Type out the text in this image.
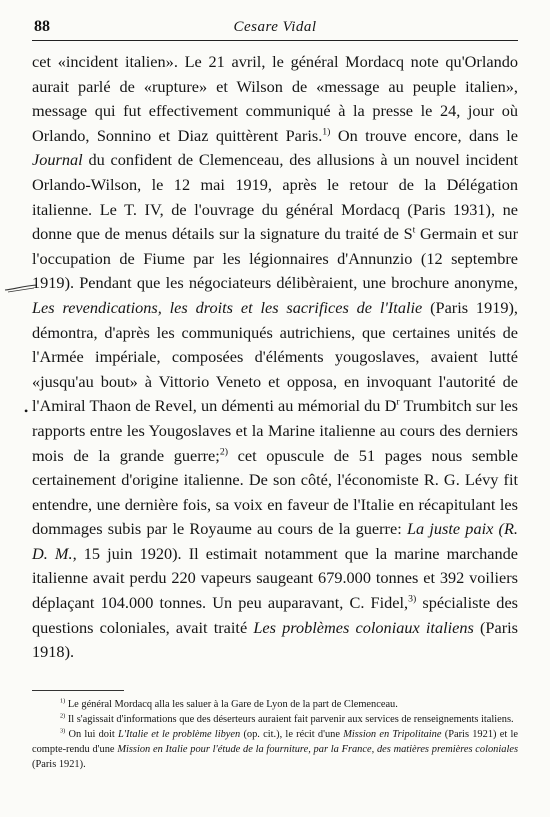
88	Cesare Vidal
•

cet «incident italien». Le 21 avril, le général Mordacq note qu'Orlando aurait parlé de «rupture» et Wilson de «message au peuple italien», message qui fut effectivement communiqué à la presse le 24, jour où Orlando, Sonnino et Diaz quittèrent Paris.$^{1)}$ On trouve encore, dans le Journal du confident de Clemenceau, des allusions à un nouvel incident Orlando-Wilson, le 12 mai 1919, après le retour de la Délégation italienne. Le T. IV, de l'ouvrage du général Mordacq (Paris 1931), ne donne que de menus détails sur la signature du traité de $S^t$ Germain et sur l'occupation de Fiume par les légionnaires d'Annunzio (12 septembre 1919). Pendant que les négociateurs délibèraient, une brochure anonyme, Les revendications, les droits et les sacrifices de l'Italie (Paris 1919), démontra, d'après les communiqués autrichiens, que certaines unités de l'Armée impériale, composées d'éléments yougoslaves, avaient lutté «jusqu'au bout» à Vittorio Veneto et opposa, en invoquant l'autorité de l'Amiral Thaon de Revel, un démenti au mémorial du $D^r$ Trumbitch sur les rapports entre les Yougoslaves et la Marine italienne au cours des derniers mois de la grande guerre;$^{2)}$ cet opuscule de 51 pages nous semble certainement d'origine italienne. De son côté, l'économiste R. G. Lévy fit entendre, une dernière fois, sa voix en faveur de l'Italie en récapitulant les dommages subis par le Royaume au cours de la guerre: La juste paix (R. D. M., 15 juin 1920). Il estimait notamment que la marine marchande italienne avait perdu 220 vapeurs saugeant 679.000 tonnes et 392 voiliers déplaçant 104.000 tonnes. Un peu auparavant, C. Fidel,$^{3)}$ spécialiste des questions coloniales, avait traité Les problèmes coloniaux italiens (Paris 1918).

$^{1)}$ Le général Mordacq alla les saluer à la Gare de Lyon de la part de Clemenceau.

$^{2)}$ Il s'agissait d'informations que des déserteurs auraient fait parvenir aux services de renseignements italiens.

$^{3)}$ On lui doit L'Italie et le problème libyen (op. cit.), le récit d'une Mission en Tripolitaine (Paris 1921) et le compte-rendu d'une Mission en Italie pour l'étude de la fourniture, par la France, des matières premières coloniales (Paris 1921).
